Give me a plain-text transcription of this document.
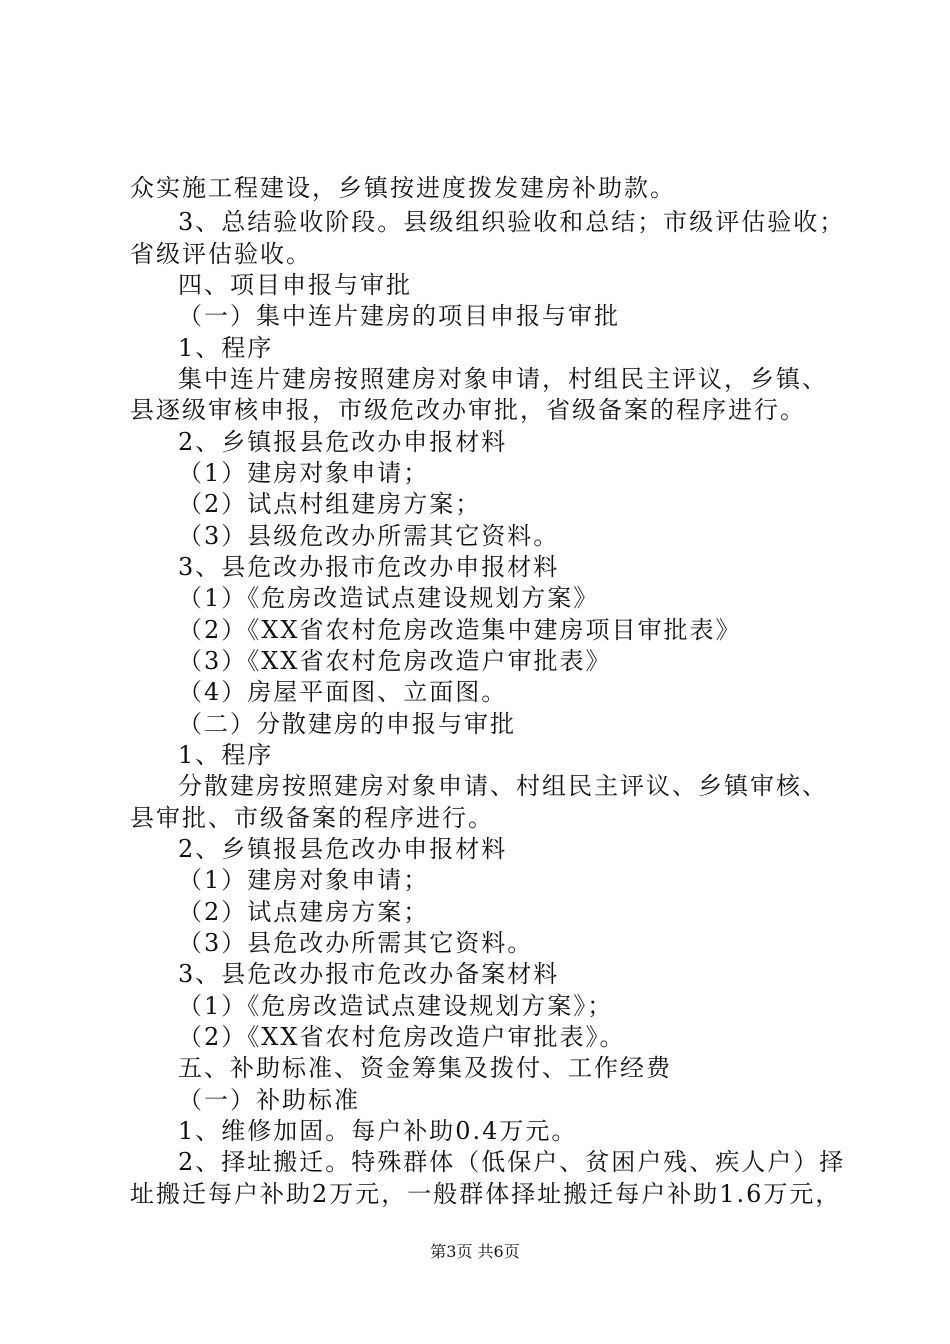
众实施工程建设，乡镇按进度拨发建房补助款。
3、总结验收阶段。县级组织验收和总结；市级评估验收；
省级评估验收。
四、项目申报与审批
（一）集中连片建房的项目申报与审批
1、程序
集中连片建房按照建房对象申请，村组民主评议，乡镇、
县逐级审核申报，市级危改办审批，省级备案的程序进行。
2、乡镇报县危改办申报材料
（1）建房对象申请；
（2）试点村组建房方案；
（3）县级危改办所需其它资料。
3、县危改办报市危改办申报材料
（1）《危房改造试点建设规划方案》
（2）《XX省农村危房改造集中建房项目审批表》
（3）《XX省农村危房改造户审批表》
（4）房屋平面图、立面图。
（二）分散建房的申报与审批
1、程序
分散建房按照建房对象申请、村组民主评议、乡镇审核、
县审批、市级备案的程序进行。
2、乡镇报县危改办申报材料
（1）建房对象申请；
（2）试点建房方案；
（3）县危改办所需其它资料。
3、县危改办报市危改办备案材料
（1）《危房改造试点建设规划方案》；
（2）《XX省农村危房改造户审批表》。
五、补助标准、资金筹集及拨付、工作经费
（一）补助标准
1、维修加固。每户补助0.4万元。
2、择址搬迁。特殊群体（低保户、贫困户残、疾人户）择
址搬迁每户补助2万元，一般群体择址搬迁每户补助1.6万元，
第3页 共6页
